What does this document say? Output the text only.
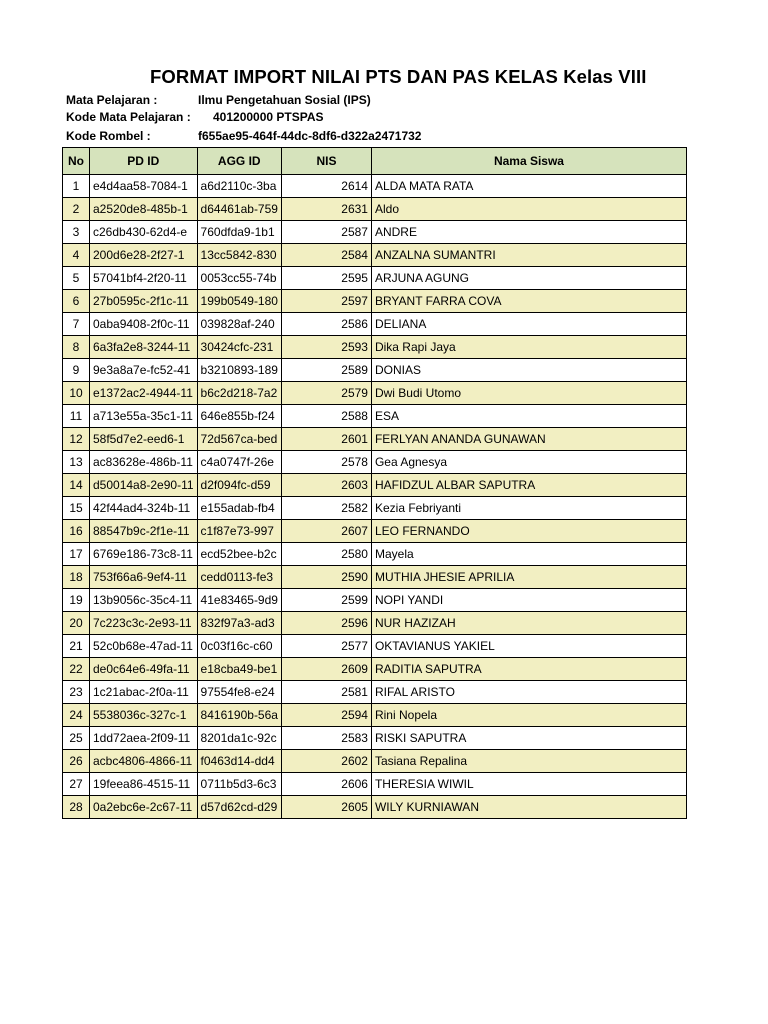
FORMAT IMPORT NILAI PTS DAN PAS KELAS Kelas VIII
Mata Pelajaran :	Ilmu Pengetahuan Sosial (IPS)
Kode Mata Pelajaran : 401200000 PTSPAS
Kode Rombel :	f655ae95-464f-44dc-8df6-d322a2471732
No	PD ID	AGG ID	NIS	Nama Siswa
1	e4d4aa58-7084-1	a6d2110c-3ba	2614	ALDA MATA RATA
2	a2520de8-485b-1	d64461ab-759	2631	Aldo
3	c26db430-62d4-e	760dfda9-1b1	2587	ANDRE
4	200d6e28-2f27-1	13cc5842-830	2584	ANZALNA SUMANTRI
5	57041bf4-2f20-11	0053cc55-74b	2595	ARJUNA AGUNG
6	27b0595c-2f1c-11	199b0549-180	2597	BRYANT FARRA COVA
7	0aba9408-2f0c-11	039828af-240	2586	DELIANA
8	6a3fa2e8-3244-11	30424cfc-231	2593	Dika Rapi Jaya
9	9e3a8a7e-fc52-41	b3210893-189	2589	DONIAS
10	e1372ac2-4944-11	b6c2d218-7a2	2579	Dwi Budi Utomo
11	a713e55a-35c1-11	646e855b-f24	2588	ESA
12	58f5d7e2-eed6-1	72d567ca-bed	2601	FERLYAN ANANDA GUNAWAN
13	ac83628e-486b-11	c4a0747f-26e	2578	Gea Agnesya
14	d50014a8-2e90-11	d2f094fc-d59	2603	HAFIDZUL ALBAR SAPUTRA
15	42f44ad4-324b-11	e155adab-fb4	2582	Kezia Febriyanti
16	88547b9c-2f1e-11	c1f87e73-997	2607	LEO FERNANDO
17	6769e186-73c8-11	ecd52bee-b2c	2580	Mayela
18	753f66a6-9ef4-11	cedd0113-fe3	2590	MUTHIA JHESIE APRILIA
19	13b9056c-35c4-11	41e83465-9d9	2599	NOPI YANDI
20	7c223c3c-2e93-11	832f97a3-ad3	2596	NUR HAZIZAH
21	52c0b68e-47ad-11	0c03f16c-c60	2577	OKTAVIANUS YAKIEL
22	de0c64e6-49fa-11	e18cba49-be1	2609	RADITIA SAPUTRA
23	1c21abac-2f0a-11	97554fe8-e24	2581	RIFAL ARISTO
24	5538036c-327c-1	8416190b-56a	2594	Rini Nopela
25	1dd72aea-2f09-11	8201da1c-92c	2583	RISKI SAPUTRA
26	acbc4806-4866-11	f0463d14-dd4	2602	Tasiana Repalina
27	19feea86-4515-11	0711b5d3-6c3	2606	THERESIA WIWIL
28	0a2ebc6e-2c67-11	d57d62cd-d29	2605	WILY KURNIAWAN
